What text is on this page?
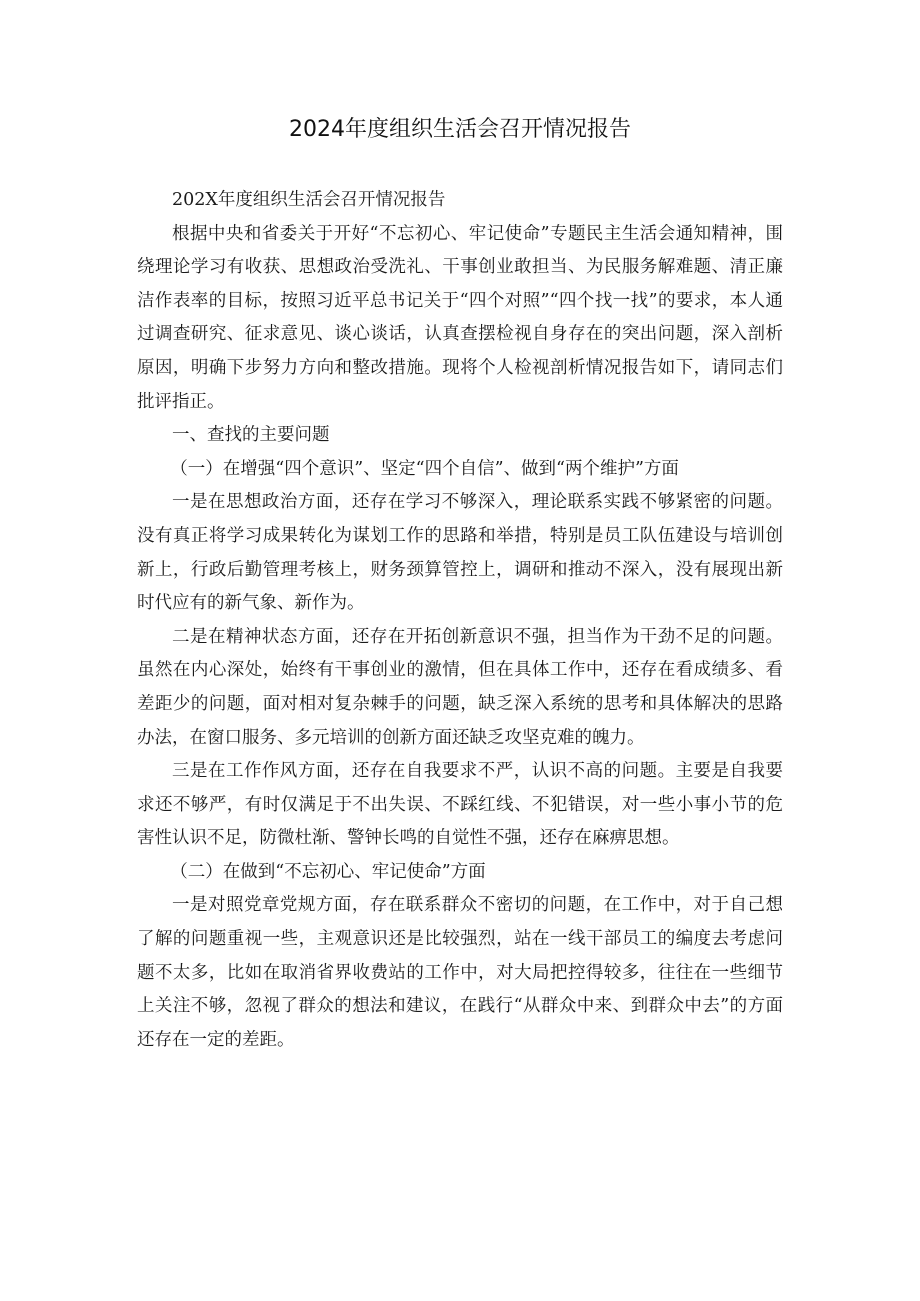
2024年度组织生活会召开情况报告

202X年度组织生活会召开情况报告

根据中央和省委关于开好“不忘初心、牢记使命”专题民主生活会通知精神，围绕理论学习有收获、思想政治受洗礼、干事创业敢担当、为民服务解难题、清正廉洁作表率的目标，按照习近平总书记关于“四个对照”“四个找一找”的要求，本人通过调查研究、征求意见、谈心谈话，认真查摆检视自身存在的突出问题，深入剖析原因，明确下步努力方向和整改措施。现将个人检视剖析情况报告如下，请同志们批评指正。

一、查找的主要问题

（一）在增强“四个意识”、坚定“四个自信”、做到“两个维护”方面

一是在思想政治方面，还存在学习不够深入，理论联系实践不够紧密的问题。没有真正将学习成果转化为谋划工作的思路和举措，特别是员工队伍建设与培训创新上，行政后勤管理考核上，财务颈算管控上，调研和推动不深入，没有展现出新时代应有的新气象、新作为。

二是在精神状态方面，还存在开拓创新意识不强，担当作为干劲不足的问题。虽然在内心深处，始终有干事创业的激情，但在具体工作中，还存在看成绩多、看差距少的问题，面对相对复杂棘手的问题，缺乏深入系统的思考和具体解决的思路办法，在窗口服务、多元培训的创新方面还缺乏攻坚克难的魄力。

三是在工作作风方面，还存在自我要求不严，认识不高的问题。主要是自我要求还不够严，有时仅满足于不出失误、不踩红线、不犯错误，对一些小事小节的危害性认识不足，防微杜渐、警钟长鸣的自觉性不强，还存在麻痹思想。

（二）在做到“不忘初心、牢记使命”方面

一是对照党章党规方面，存在联系群众不密切的问题，在工作中，对于自己想了解的问题重视一些，主观意识还是比较强烈，站在一线干部员工的编度去考虑问题不太多，比如在取消省界收费站的工作中，对大局把控得较多，往往在一些细节上关注不够，忽视了群众的想法和建议，在践行“从群众中来、到群众中去”的方面还存在一定的差距。
